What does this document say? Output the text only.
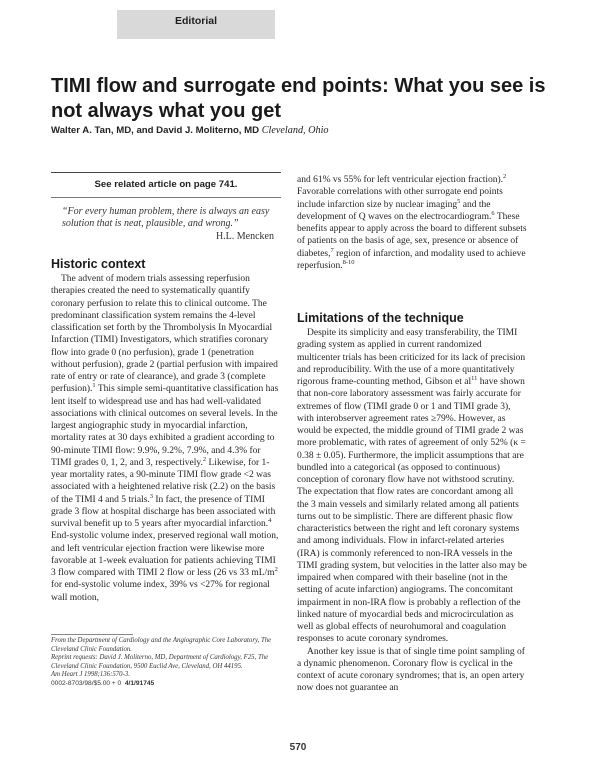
Editorial
TIMI flow and surrogate end points: What you see is not always what you get

Walter A. Tan, MD, and David J. Moliterno, MD Cleveland, Ohio

See related article on page 741.

“For every human problem, there is always an easy solution that is neat, plausible, and wrong.”

H.L. Mencken

Historic context

The advent of modern trials assessing reperfusion therapies created the need to systematically quantify coronary perfusion to relate this to clinical outcome. The predominant classification system remains the 4-level classification set forth by the Thrombolysis In Myocardial Infarction (TIMI) Investigators, which stratifies coronary flow into grade 0 (no perfusion), grade 1 (penetration without perfusion), grade 2 (partial perfusion with impaired rate of entry or rate of clearance), and grade 3 (complete perfusion).$^1$ This simple semi-quantitative classification has lent itself to widespread use and has had well-validated associations with clinical outcomes on several levels. In the largest angiographic study in myocardial infarction, mortality rates at 30 days exhibited a gradient according to 90-minute TIMI flow: 9.9%, 9.2%, 7.9%, and 4.3% for TIMI grades 0, 1, 2, and 3, respectively.$^2$ Likewise, for 1-year mortality rates, a 90-minute TIMI flow grade <2 was associated with a heightened relative risk (2.2) on the basis of the TIMI 4 and 5 trials.$^3$ In fact, the presence of TIMI grade 3 flow at hospital discharge has been associated with survival benefit up to 5 years after myocardial infarction.$^4$ End-systolic volume index, preserved regional wall motion, and left ventricular ejection fraction were likewise more favorable at 1-week evaluation for patients achieving TIMI 3 flow compared with TIMI 2 flow or less (26 vs 33 $mL/m^2$ for end-systolic volume index, 39% vs <27% for regional wall motion,

and 61% vs 55% for left ventricular ejection fraction).$^2$ Favorable correlations with other surrogate end points include infarction size by nuclear imaging$^5$ and the development of Q waves on the electrocardiogram.$^6$ These benefits appear to apply across the board to different subsets of patients on the basis of age, sex, presence or absence of diabetes,$^7$ region of infarction, and modality used to achieve reperfusion.$^{8-10}$

Limitations of the technique

Despite its simplicity and easy transferability, the TIMI grading system as applied in current randomized multicenter trials has been criticized for its lack of precision and reproducibility. With the use of a more quantitatively rigorous frame-counting method, Gibson et $al^{11}$ have shown that non-core laboratory assessment was fairly accurate for extremes of flow (TIMI grade 0 or 1 and TIMI grade 3), with interobserver agreement rates ≥79%. However, as would be expected, the middle ground of TIMI grade 2 was more problematic, with rates of agreement of only 52% (κ = 0.38 ± 0.05). Furthermore, the implicit assumptions that are bundled into a categorical (as opposed to continuous) conception of coronary flow have not withstood scrutiny. The expectation that flow rates are concordant among all the 3 main vessels and similarly related among all patients turns out to be simplistic. There are different phasic flow characteristics between the right and left coronary systems and among individuals. Flow in infarct-related arteries (IRA) is commonly referenced to non-IRA vessels in the TIMI grading system, but velocities in the latter also may be impaired when compared with their baseline (not in the setting of acute infarction) angiograms. The concomitant impairment in non-IRA flow is probably a reflection of the linked nature of myocardial beds and microcirculation as well as global effects of neurohumoral and coagulation responses to acute coronary syndromes.

Another key issue is that of single time point sampling of a dynamic phenomenon. Coronary flow is cyclical in the context of acute coronary syndromes; that is, an open artery now does not guarantee an

From the Department of Cardiology and the Angiographic Core Laboratory, The Cleveland Clinic Foundation.
Reprint requests: David J. Moliterno, MD, Department of Cardiology, F25, The Cleveland Clinic Foundation, 9500 Euclid Ave, Cleveland, OH 44195.
Am Heart J 1998;136:570-3.
0002-8703/98/$5.00 + 0 4/1/91745
570
